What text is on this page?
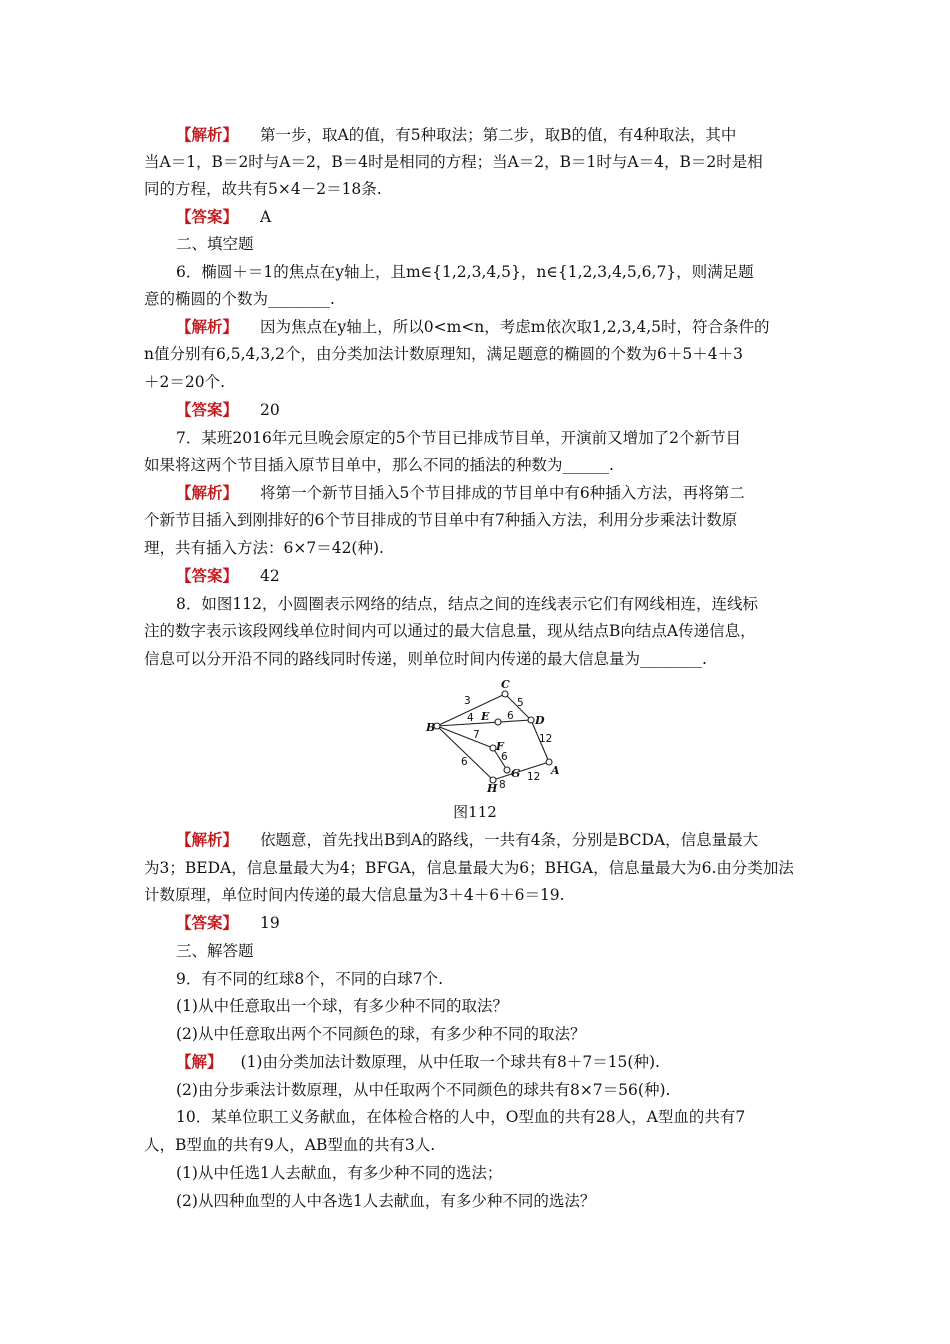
【解析】 第一步，取A的值，有5种取法；第二步，取B的值，有4种取法，其中
当A＝1，B＝2时与A＝2，B＝4时是相同的方程；当A＝2，B＝1时与A＝4，B＝2时是相
同的方程，故共有5×4－2＝18条.
【答案】 A
二、填空题
6．椭圆＋＝1的焦点在y轴上，且m∈{1,2,3,4,5}，n∈{1,2,3,4,5,6,7}，则满足题
意的椭圆的个数为________.
【解析】 因为焦点在y轴上，所以0<m<n，考虑m依次取1,2,3,4,5时，符合条件的
n值分别有6,5,4,3,2个，由分类加法计数原理知，满足题意的椭圆的个数为6＋5＋4＋3
＋2＝20个.
【答案】 20
7．某班2016年元旦晚会原定的5个节目已排成节目单，开演前又增加了2个新节目
如果将这两个节目插入原节目单中，那么不同的插法的种数为______.
【解析】 将第一个新节目插入5个节目排成的节目单中有6种插入方法，再将第二
个新节目插入到刚排好的6个节目排成的节目单中有7种插入方法，利用分步乘法计数原
理，共有插入方法：6×7＝42(种).
【答案】 42
8．如图112，小圆圈表示网络的结点，结点之间的连线表示它们有网线相连，连线标
注的数字表示该段网线单位时间内可以通过的最大信息量，现从结点B向结点A传递信息，
信息可以分开沿不同的路线同时传递，则单位时间内传递的最大信息量为________.
B
C
D
E
F
G
H
A
3	5
4	6
12
7
6
6
8
12
图112
【解析】 依题意，首先找出B到A的路线，一共有4条，分别是BCDA，信息量最大
为3；BEDA，信息量最大为4；BFGA，信息量最大为6；BHGA，信息量最大为6.由分类加法
计数原理，单位时间内传递的最大信息量为3＋4＋6＋6＝19.
【答案】 19
三、解答题
9．有不同的红球8个，不同的白球7个.
(1)从中任意取出一个球，有多少种不同的取法？
(2)从中任意取出两个不同颜色的球，有多少种不同的取法？
【解】 (1)由分类加法计数原理，从中任取一个球共有8＋7＝15(种).
(2)由分步乘法计数原理，从中任取两个不同颜色的球共有8×7＝56(种).
10．某单位职工义务献血，在体检合格的人中，O型血的共有28人，A型血的共有7
人，B型血的共有9人，AB型血的共有3人.
(1)从中任选1人去献血，有多少种不同的选法；
(2)从四种血型的人中各选1人去献血，有多少种不同的选法？
